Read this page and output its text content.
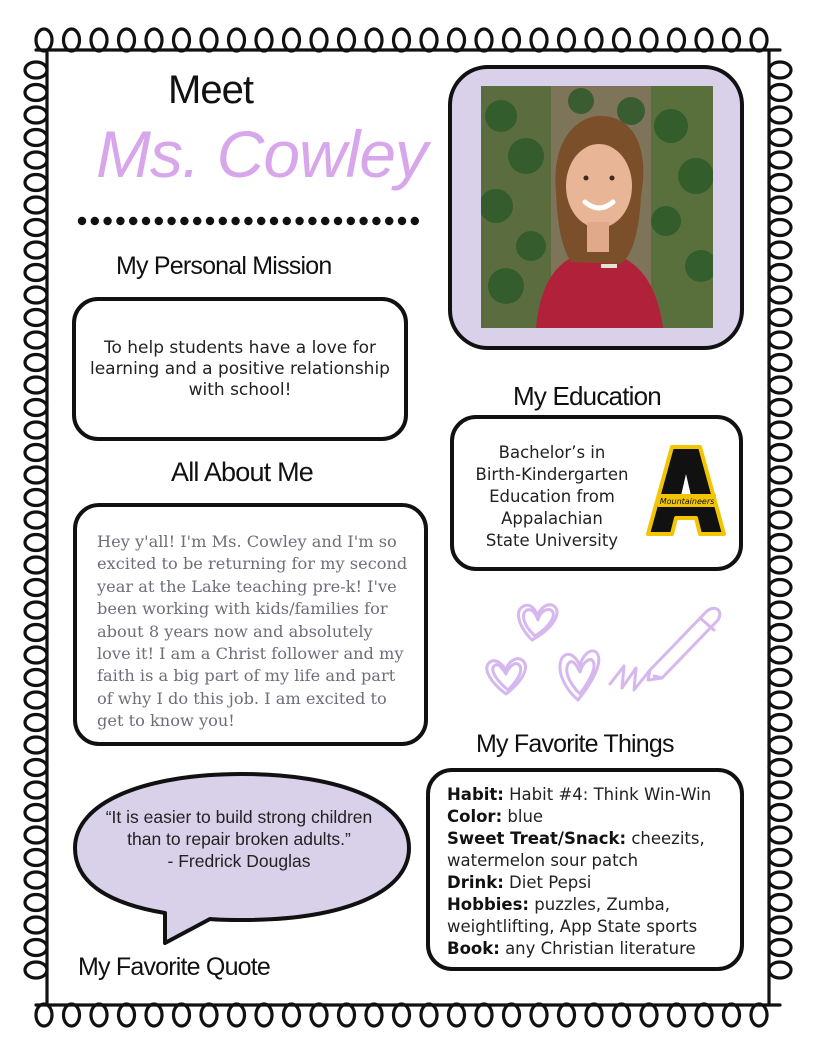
Meet
Ms. Cowley
My Personal Mission
To help students have a love for learning and a positive relationship with school!
All About Me
Hey y'all! I'm Ms. Cowley and I'm so excited to be returning for my second year at the Lake teaching pre-k! I've been working with kids/families for about 8 years now and absolutely love it! I am a Christ follower and my faith is a big part of my life and part of why I do this job. I am excited to get to know you!
“It is easier to build strong children than to repair broken adults.”
- Fredrick Douglas
My Favorite Quote
My Education
Bachelor’s in
Birth-Kindergarten
Education from
Appalachian
State University
Mountaineers
My Favorite Things
Habit: Habit #4: Think Win-Win
Color: blue
Sweet Treat/Snack: cheezits,
watermelon sour patch
Drink: Diet Pepsi
Hobbies: puzzles, Zumba,
weightlifting, App State sports
Book: any Christian literature
